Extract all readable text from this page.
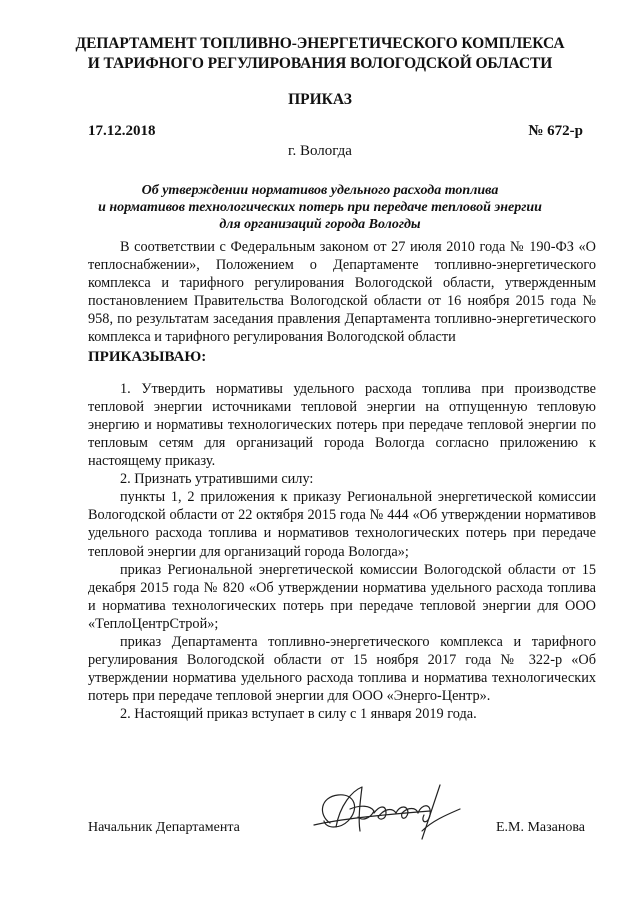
ДЕПАРТАМЕНТ ТОПЛИВНО-ЭНЕРГЕТИЧЕСКОГО КОМПЛЕКСА
И ТАРИФНОГО РЕГУЛИРОВАНИЯ ВОЛОГОДСКОЙ ОБЛАСТИ
ПРИКАЗ
17.12.2018	№ 672-р
г. Вологда
Об утверждении нормативов удельного расхода топлива
и нормативов технологических потерь при передаче тепловой энергии
для организаций города Вологды

В соответствии с Федеральным законом от 27 июля 2010 года № 190-ФЗ «О теплоснабжении», Положением о Департаменте топливно-энергетического комплекса и тарифного регулирования Вологодской области, утвержденным постановлением Правительства Вологодской области от 16 ноября 2015 года № 958, по результатам заседания правления Департамента топливно-энергетического комплекса и тарифного регулирования Вологодской области

ПРИКАЗЫВАЮ:

1. Утвердить нормативы удельного расхода топлива при производстве тепловой энергии источниками тепловой энергии на отпущенную тепловую энергию и нормативы технологических потерь при передаче тепловой энергии по тепловым сетям для организаций города Вологда согласно приложению к настоящему приказу.

2. Признать утратившими силу:

пункты 1, 2 приложения к приказу Региональной энергетической комиссии Вологодской области от 22 октября 2015 года № 444 «Об утверждении нормативов удельного расхода топлива и нормативов технологических потерь при передаче тепловой энергии для организаций города Вологда»;

приказ Региональной энергетической комиссии Вологодской области от 15 декабря 2015 года № 820 «Об утверждении норматива удельного расхода топлива и норматива технологических потерь при передаче тепловой энергии для ООО «ТеплоЦентрСтрой»;

приказ Департамента топливно-энергетического комплекса и тарифного регулирования Вологодской области от 15 ноября 2017 года № 322-р «Об утверждении норматива удельного расхода топлива и норматива технологических потерь при передаче тепловой энергии для ООО «Энерго-Центр».

2. Настоящий приказ вступает в силу с 1 января 2019 года.

Начальник Департамента	Е.М. Мазанова
